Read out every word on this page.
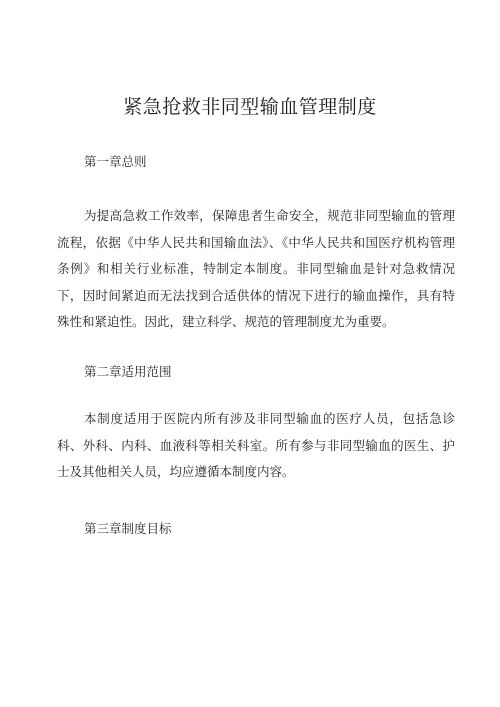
紧急抢救非同型输血管理制度
第一章总则

为提高急救工作效率，保障患者生命安全，规范非同型输血的管理流程，依据《中华人民共和国输血法》、《中华人民共和国医疗机构管理条例》和相关行业标准，特制定本制度。非同型输血是针对急救情况下，因时间紧迫而无法找到合适供体的情况下进行的输血操作，具有特殊性和紧迫性。因此，建立科学、规范的管理制度尤为重要。

第二章适用范围

本制度适用于医院内所有涉及非同型输血的医疗人员，包括急诊科、外科、内科、血液科等相关科室。所有参与非同型输血的医生、护士及其他相关人员，均应遵循本制度内容。

第三章制度目标
